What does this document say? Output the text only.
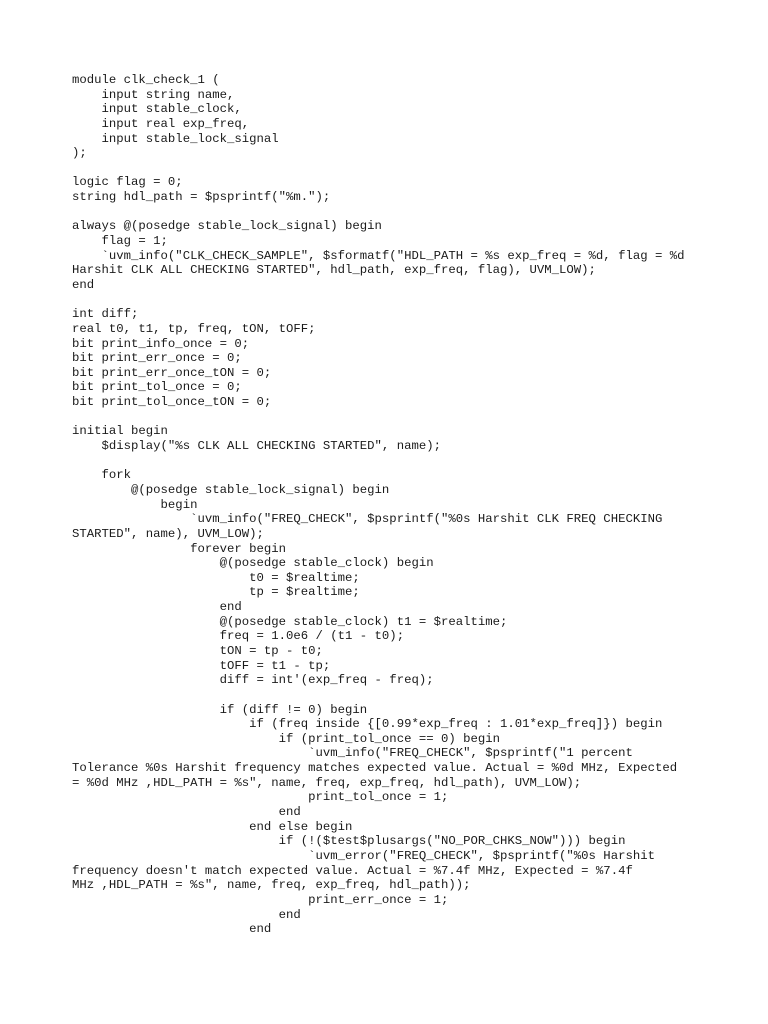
module clk_check_1 (
input string name,
input stable_clock,
input real exp_freq,
input stable_lock_signal
);
logic flag = 0;
string hdl_path = $psprintf("%m.");
always @(posedge stable_lock_signal) begin
flag = 1;
`uvm_info("CLK_CHECK_SAMPLE", $sformatf("HDL_PATH = %s exp_freq = %d, flag = %d
Harshit CLK ALL CHECKING STARTED", hdl_path, exp_freq, flag), UVM_LOW);
end
int diff;
real t0, t1, tp, freq, tON, tOFF;
bit print_info_once = 0;
bit print_err_once = 0;
bit print_err_once_tON = 0;
bit print_tol_once = 0;
bit print_tol_once_tON = 0;
initial begin
$display("%s CLK ALL CHECKING STARTED", name);
fork
@(posedge stable_lock_signal) begin
begin
`uvm_info("FREQ_CHECK", $psprintf("%0s Harshit CLK FREQ CHECKING
STARTED", name), UVM_LOW);
forever begin
@(posedge stable_clock) begin
t0 = $realtime;
tp = $realtime;
end
@(posedge stable_clock) t1 = $realtime;
freq = 1.0e6 / (t1 - t0);
tON = tp - t0;
tOFF = t1 - tp;
diff = int'(exp_freq - freq);
if (diff != 0) begin
if (freq inside {[0.99*exp_freq : 1.01*exp_freq]}) begin
if (print_tol_once == 0) begin
`uvm_info("FREQ_CHECK", $psprintf("1 percent
Tolerance %0s Harshit frequency matches expected value. Actual = %0d MHz, Expected
= %0d MHz ,HDL_PATH = %s", name, freq, exp_freq, hdl_path), UVM_LOW);
print_tol_once = 1;
end
end else begin
if (!($test$plusargs("NO_POR_CHKS_NOW"))) begin
`uvm_error("FREQ_CHECK", $psprintf("%0s Harshit
frequency doesn't match expected value. Actual = %7.4f MHz, Expected = %7.4f
MHz ,HDL_PATH = %s", name, freq, exp_freq, hdl_path));
print_err_once = 1;
end
end
